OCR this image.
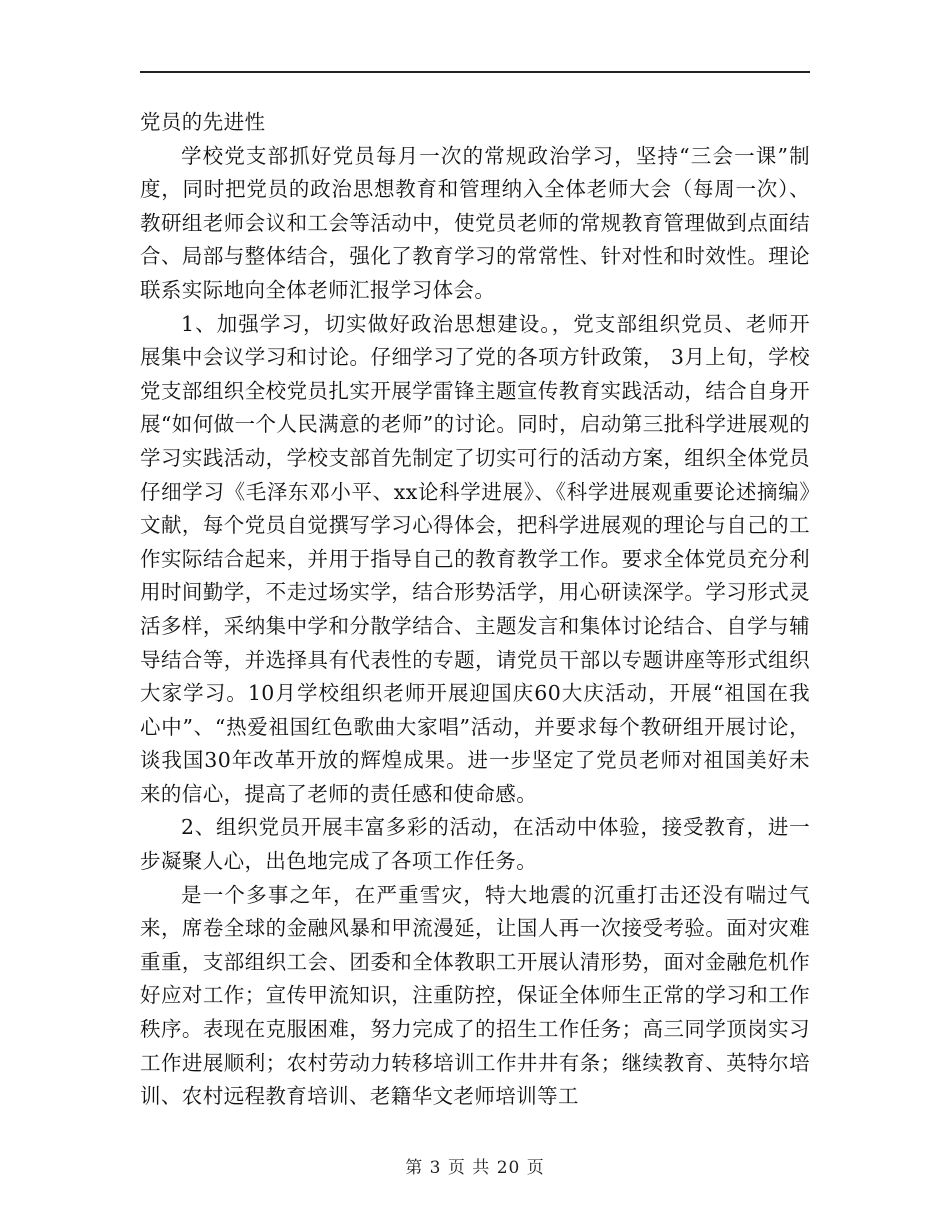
党员的先进性

学校党支部抓好党员每月一次的常规政治学习，坚持“三会一课”制度，同时把党员的政治思想教育和管理纳入全体老师大会（每周一次）、教研组老师会议和工会等活动中，使党员老师的常规教育管理做到点面结合、局部与整体结合，强化了教育学习的常常性、针对性和时效性。理论联系实际地向全体老师汇报学习体会。

1、加强学习，切实做好政治思想建设。，党支部组织党员、老师开展集中会议学习和讨论。仔细学习了党的各项方针政策， 3月上旬，学校党支部组织全校党员扎实开展学雷锋主题宣传教育实践活动，结合自身开展“如何做一个人民满意的老师”的讨论。同时，启动第三批科学进展观的学习实践活动，学校支部首先制定了切实可行的活动方案，组织全体党员仔细学习《毛泽东邓小平、xx论科学进展》、《科学进展观重要论述摘编》文献，每个党员自觉撰写学习心得体会，把科学进展观的理论与自己的工作实际结合起来，并用于指导自己的教育教学工作。要求全体党员充分利用时间勤学，不走过场实学，结合形势活学，用心研读深学。学习形式灵活多样，采纳集中学和分散学结合、主题发言和集体讨论结合、自学与辅导结合等，并选择具有代表性的专题，请党员干部以专题讲座等形式组织大家学习。10月学校组织老师开展迎国庆60大庆活动，开展“祖国在我心中”、“热爱祖国红色歌曲大家唱”活动，并要求每个教研组开展讨论，谈我国30年改革开放的辉煌成果。进一步坚定了党员老师对祖国美好未来的信心，提高了老师的责任感和使命感。

2、组织党员开展丰富多彩的活动，在活动中体验，接受教育，进一步凝聚人心，出色地完成了各项工作任务。

是一个多事之年，在严重雪灾，特大地震的沉重打击还没有喘过气来，席卷全球的金融风暴和甲流漫延，让国人再一次接受考验。面对灾难重重，支部组织工会、团委和全体教职工开展认清形势，面对金融危机作好应对工作；宣传甲流知识，注重防控，保证全体师生正常的学习和工作秩序。表现在克服困难，努力完成了的招生工作任务；高三同学顶岗实习工作进展顺利；农村劳动力转移培训工作井井有条；继续教育、英特尔培训、农村远程教育培训、老籍华文老师培训等工

第 3 页 共 20 页
